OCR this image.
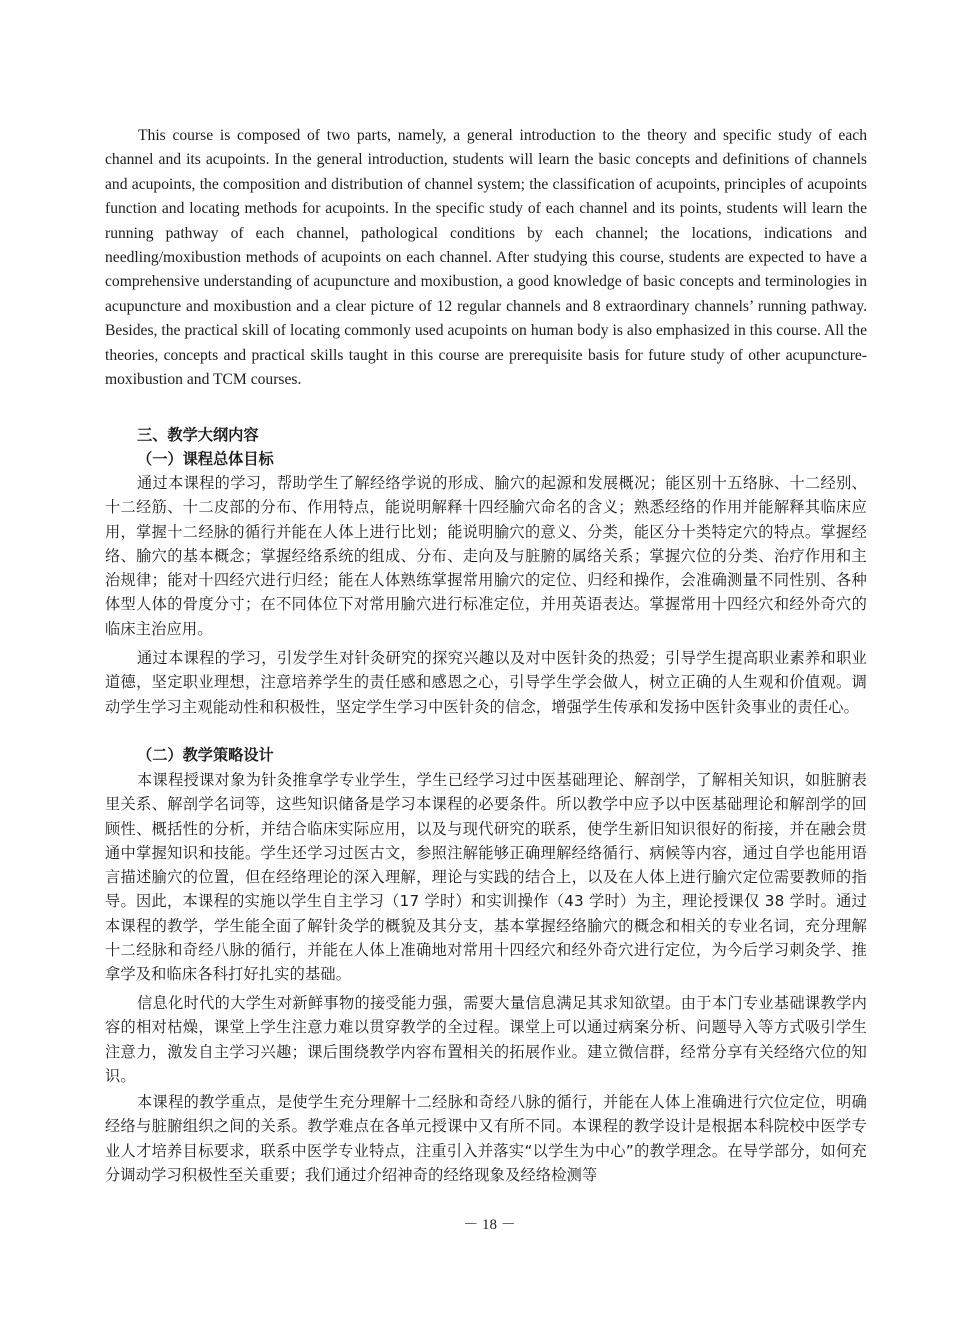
This course is composed of two parts, namely, a general introduction to the theory and specific study of each channel and its acupoints. In the general introduction, students will learn the basic concepts and definitions of channels and acupoints, the composition and distribution of channel system; the classification of acupoints, principles of acupoints function and locating methods for acupoints. In the specific study of each channel and its points, students will learn the running pathway of each channel, pathological conditions by each channel; the locations, indications and needling/moxibustion methods of acupoints on each channel. After studying this course, students are expected to have a comprehensive understanding of acupuncture and moxibustion, a good knowledge of basic concepts and terminologies in acupuncture and moxibustion and a clear picture of 12 regular channels and 8 extraordinary channels’ running pathway. Besides, the practical skill of locating commonly used acupoints on human body is also emphasized in this course. All the theories, concepts and practical skills taught in this course are prerequisite basis for future study of other acupuncture-moxibustion and TCM courses.

三、教学大纲内容
（一）课程总体目标

通过本课程的学习，帮助学生了解经络学说的形成、腧穴的起源和发展概况；能区别十五络脉、十二经别、十二经筋、十二皮部的分布、作用特点，能说明解释十四经腧穴命名的含义；熟悉经络的作用并能解释其临床应用，掌握十二经脉的循行并能在人体上进行比划；能说明腧穴的意义、分类，能区分十类特定穴的特点。掌握经络、腧穴的基本概念；掌握经络系统的组成、分布、走向及与脏腑的属络关系；掌握穴位的分类、治疗作用和主治规律；能对十四经穴进行归经；能在人体熟练掌握常用腧穴的定位、归经和操作，会准确测量不同性别、各种体型人体的骨度分寸；在不同体位下对常用腧穴进行标准定位，并用英语表达。掌握常用十四经穴和经外奇穴的临床主治应用。

通过本课程的学习，引发学生对针灸研究的探究兴趣以及对中医针灸的热爱；引导学生提高职业素养和职业道德，坚定职业理想，注意培养学生的责任感和感恩之心，引导学生学会做人，树立正确的人生观和价值观。调动学生学习主观能动性和积极性，坚定学生学习中医针灸的信念，增强学生传承和发扬中医针灸事业的责任心。

（二）教学策略设计

本课程授课对象为针灸推拿学专业学生，学生已经学习过中医基础理论、解剖学，了解相关知识，如脏腑表里关系、解剖学名词等，这些知识储备是学习本课程的必要条件。所以教学中应予以中医基础理论和解剖学的回顾性、概括性的分析，并结合临床实际应用，以及与现代研究的联系，使学生新旧知识很好的衔接，并在融会贯通中掌握知识和技能。学生还学习过医古文，参照注解能够正确理解经络循行、病候等内容，通过自学也能用语言描述腧穴的位置，但在经络理论的深入理解，理论与实践的结合上，以及在人体上进行腧穴定位需要教师的指导。因此，本课程的实施以学生自主学习（17 学时）和实训操作（43 学时）为主，理论授课仅 38 学时。通过本课程的教学，学生能全面了解针灸学的概貌及其分支，基本掌握经络腧穴的概念和相关的专业名词，充分理解十二经脉和奇经八脉的循行，并能在人体上准确地对常用十四经穴和经外奇穴进行定位，为今后学习刺灸学、推拿学及和临床各科打好扎实的基础。

信息化时代的大学生对新鲜事物的接受能力强，需要大量信息满足其求知欲望。由于本门专业基础课教学内容的相对枯燥，课堂上学生注意力难以贯穿教学的全过程。课堂上可以通过病案分析、问题导入等方式吸引学生注意力，激发自主学习兴趣；课后围绕教学内容布置相关的拓展作业。建立微信群，经常分享有关经络穴位的知识。

本课程的教学重点，是使学生充分理解十二经脉和奇经八脉的循行，并能在人体上准确进行穴位定位，明确经络与脏腑组织之间的关系。教学难点在各单元授课中又有所不同。本课程的教学设计是根据本科院校中医学专业人才培养目标要求，联系中医学专业特点，注重引入并落实“以学生为中心”的教学理念。在导学部分，如何充分调动学习积极性至关重要；我们通过介绍神奇的经络现象及经络检测等

－ 18 －
